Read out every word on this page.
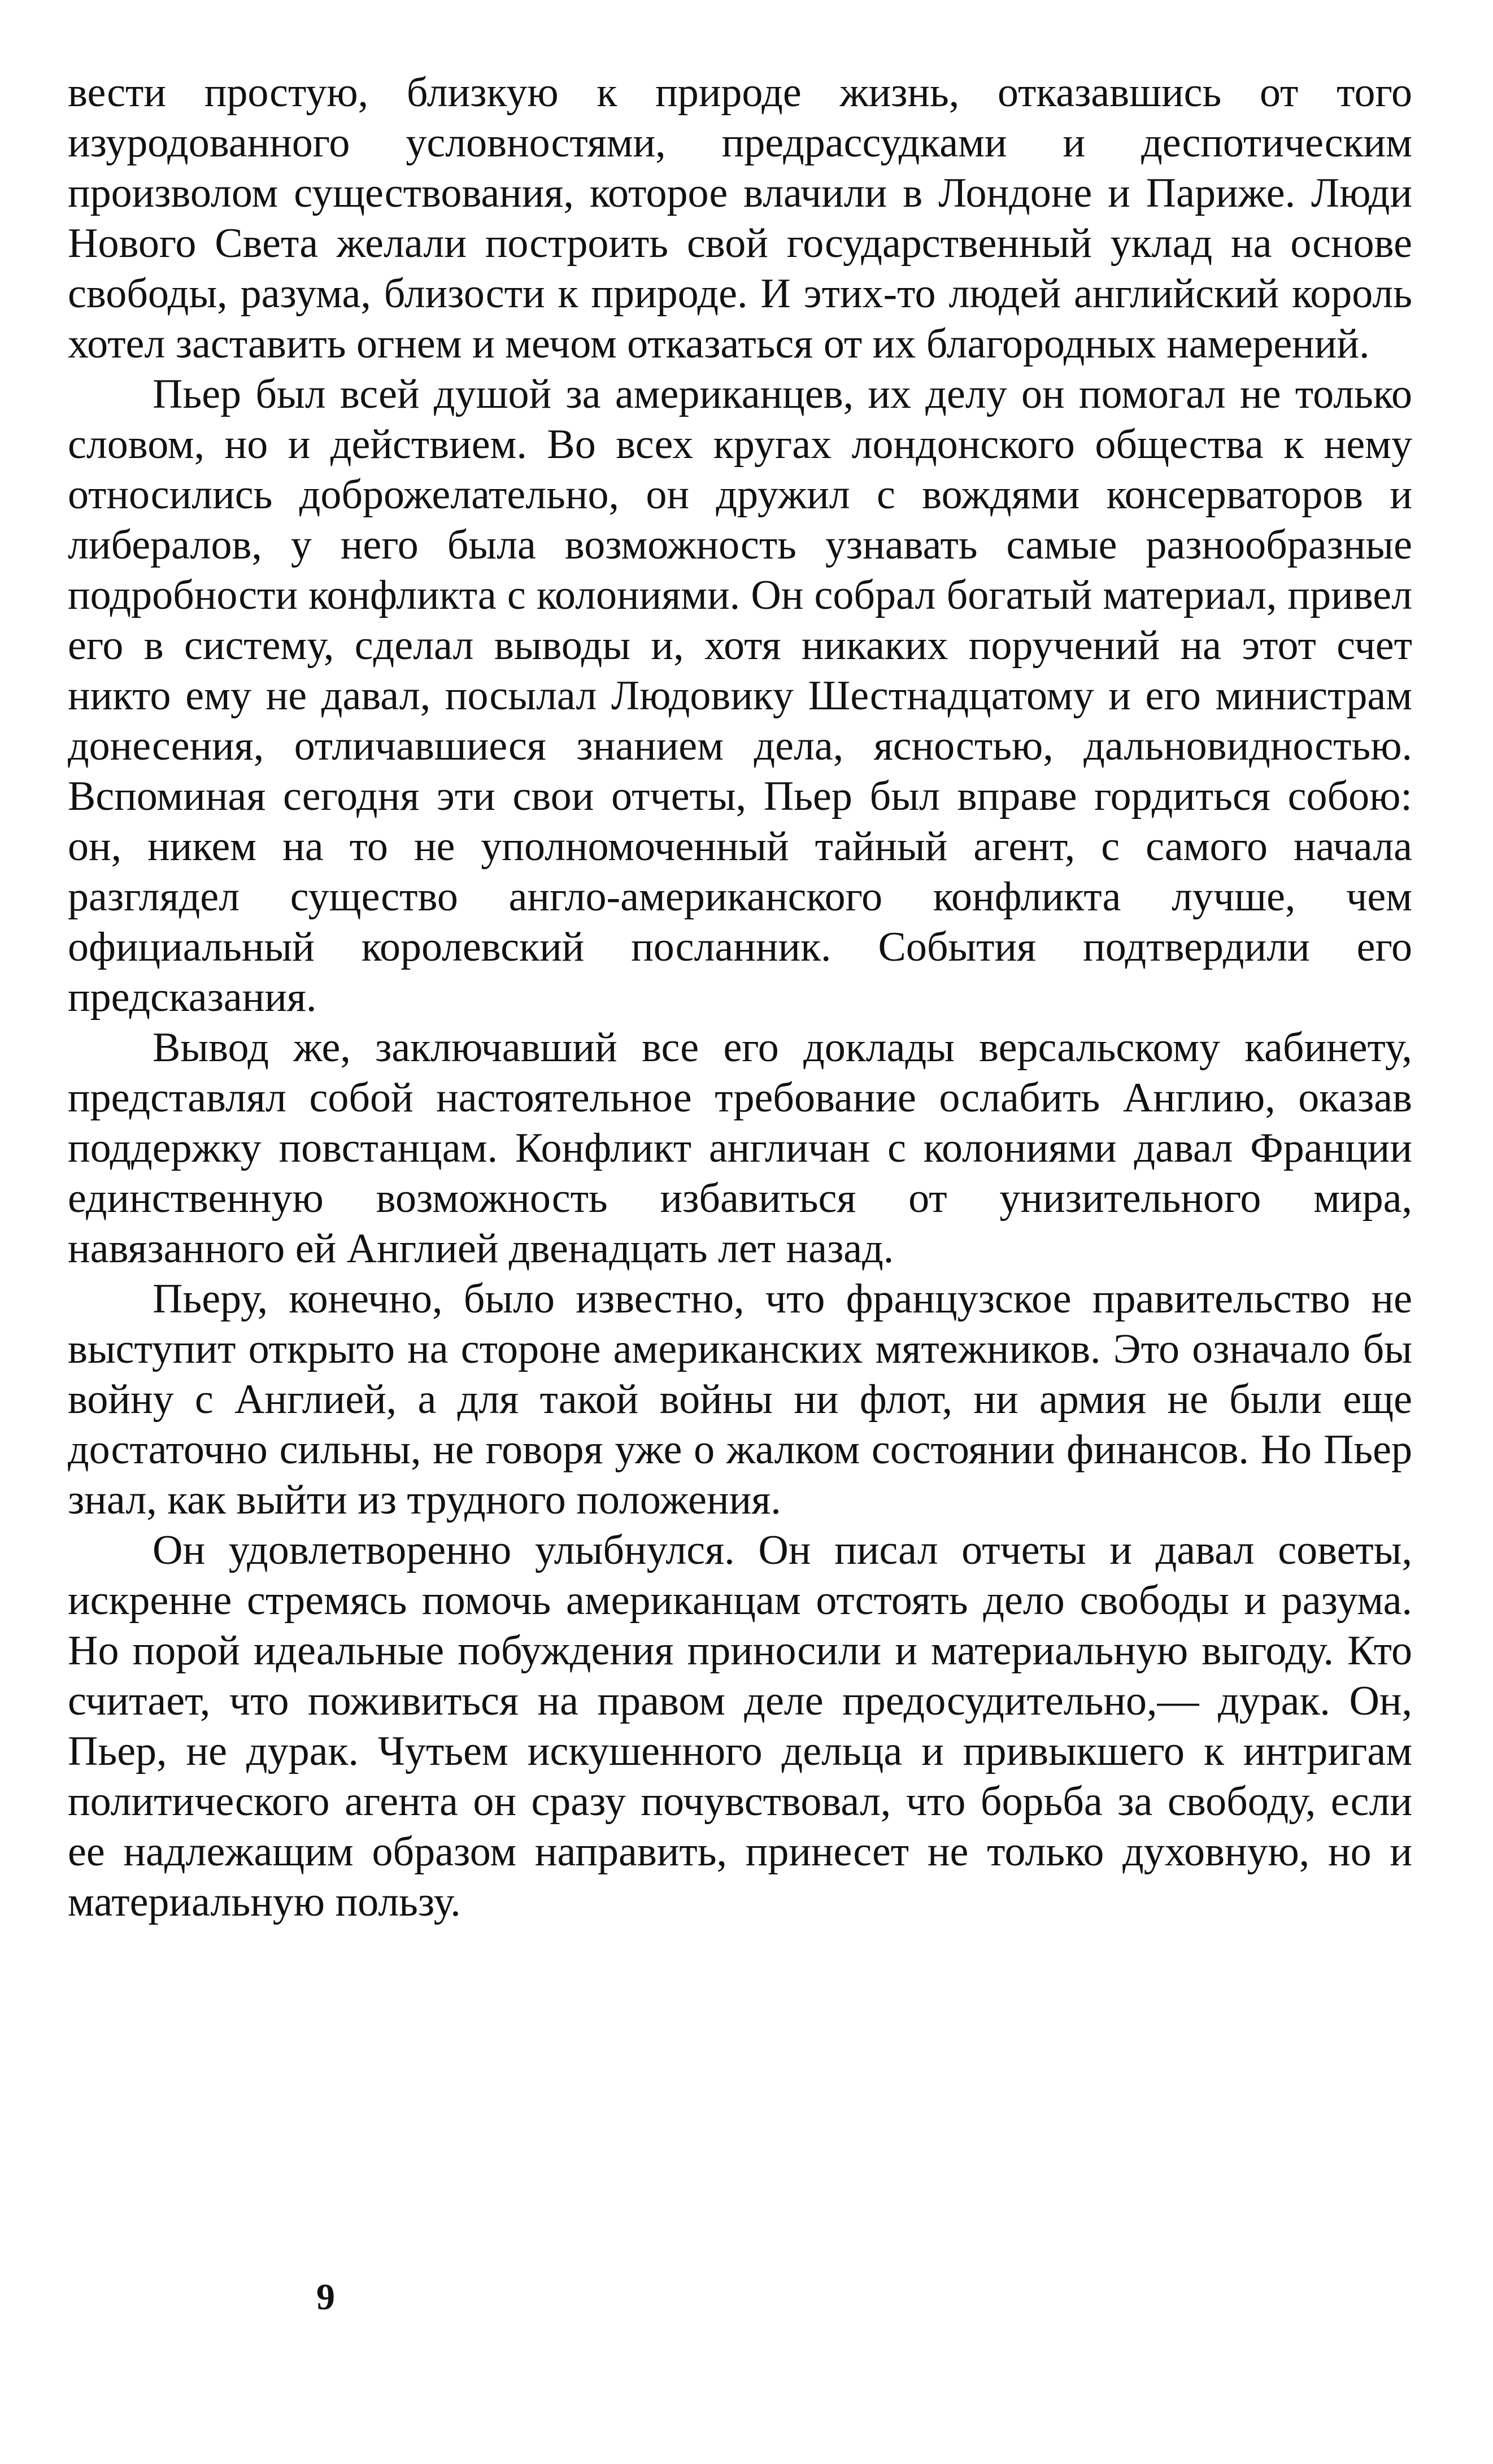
вести простую, близкую к природе жизнь, отказавшись от того изуродованного условностями, предрассудками и деспотическим произволом существования, которое влачили в Лондоне и Париже. Люди Нового Света желали построить свой государственный уклад на основе свободы, разума, близости к природе. И этих-то людей английский король хотел заставить огнем и мечом отказаться от их благородных намерений.

Пьер был всей душой за американцев, их делу он помогал не только словом, но и действием. Во всех кругах лондонского общества к нему относились доброжелательно, он дружил с вождями консерваторов и либералов, у него была возможность узнавать самые разнообразные подробности конфликта с колониями. Он собрал богатый материал, привел его в систему, сделал выводы и, хотя никаких поручений на этот счет никто ему не давал, посылал Людовику Шестнадцатому и его министрам донесения, отличавшиеся знанием дела, ясностью, дальновидностью. Вспоминая сегодня эти свои отчеты, Пьер был вправе гордиться собою: он, никем на то не уполномоченный тайный агент, с самого начала разглядел существо англо-американского конфликта лучше, чем официальный королевский посланник. События подтвердили его предсказания.

Вывод же, заключавший все его доклады версальскому кабинету, представлял собой настоятельное требование ослабить Англию, оказав поддержку повстанцам. Конфликт англичан с колониями давал Франции единственную возможность избавиться от унизительного мира, навязанного ей Англией двенадцать лет назад.

Пьеру, конечно, было известно, что французское правительство не выступит открыто на стороне американских мятежников. Это означало бы войну с Англией, а для такой войны ни флот, ни армия не были еще достаточно сильны, не говоря уже о жалком состоянии финансов. Но Пьер знал, как выйти из трудного положения.

Он удовлетворенно улыбнулся. Он писал отчеты и давал советы, искренне стремясь помочь американцам отстоять дело свободы и разума. Но порой идеальные побуждения приносили и материальную выгоду. Кто считает, что поживиться на правом деле предосудительно,— дурак. Он, Пьер, не дурак. Чутьем искушенного дельца и привыкшего к интригам политического агента он сразу почувствовал, что борьба за свободу, если ее надлежащим образом направить, принесет не только духовную, но и материальную пользу.

9
